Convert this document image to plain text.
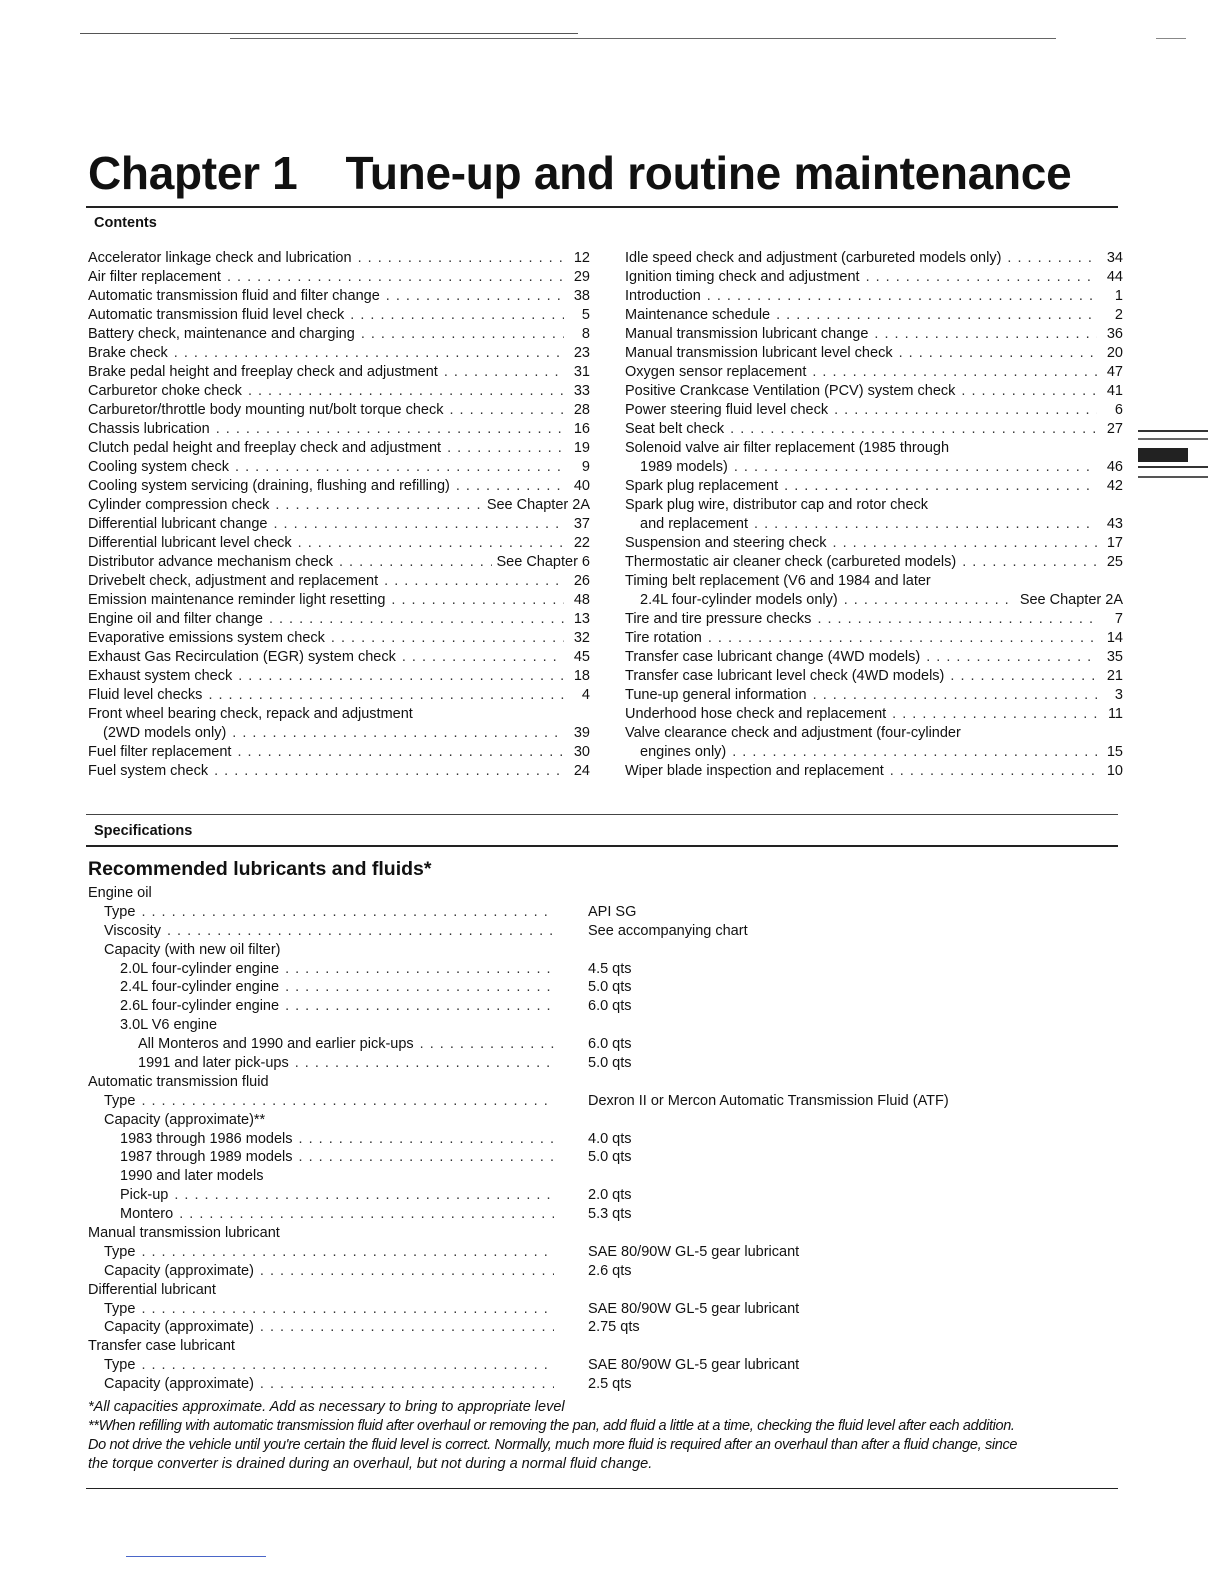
Chapter 1 Tune-up and routine maintenance

Contents

Accelerator linkage check and lubrication . . .	12
Air filter replacement . . .	29
Automatic transmission fluid and filter change . . .	38
Automatic transmission fluid level check . . .	5
Battery check, maintenance and charging . . .	8
Brake check . . .	23
Brake pedal height and freeplay check and adjustment . . .	31
Carburetor choke check . . .	33
Carburetor/throttle body mounting nut/bolt torque check . . .	28
Chassis lubrication . . .	16
Clutch pedal height and freeplay check and adjustment . . .	19
Cooling system check . . .	9
Cooling system servicing (draining, flushing and refilling) . . .	40
Cylinder compression check . . .	See Chapter 2A
Differential lubricant change . . .	37
Differential lubricant level check . . .	22
Distributor advance mechanism check . . .	See Chapter 6
Drivebelt check, adjustment and replacement . . .	26
Emission maintenance reminder light resetting . . .	48
Engine oil and filter change . . .	13
Evaporative emissions system check . . .	32
Exhaust Gas Recirculation (EGR) system check . . .	45
Exhaust system check . . .	18
Fluid level checks . . .	4
Front wheel bearing check, repack and adjustment
(2WD models only) . . .	39
Fuel filter replacement . . .	30
Fuel system check . . .	24
Idle speed check and adjustment (carbureted models only) . . .	34
Ignition timing check and adjustment . . .	44
Introduction . . .	1
Maintenance schedule . . .	2
Manual transmission lubricant change . . .	36
Manual transmission lubricant level check . . .	20
Oxygen sensor replacement . . .	47
Positive Crankcase Ventilation (PCV) system check . . .	41
Power steering fluid level check . . .	6
Seat belt check . . .	27
Solenoid valve air filter replacement (1985 through
1989 models) . . .	46
Spark plug replacement . . .	42
Spark plug wire, distributor cap and rotor check
and replacement . . .	43
Suspension and steering check . . .	17
Thermostatic air cleaner check (carbureted models) . . .	25
Timing belt replacement (V6 and 1984 and later
2.4L four-cylinder models only) . . .	See Chapter 2A
Tire and tire pressure checks . . .	7
Tire rotation . . .	14
Transfer case lubricant change (4WD models) . . .	35
Transfer case lubricant level check (4WD models) . . .	21
Tune-up general information . . .	3
Underhood hose check and replacement . . .	11
Valve clearance check and adjustment (four-cylinder
engines only) . . .	15
Wiper blade inspection and replacement . . .	10

Specifications

Recommended lubricants and fluids*
Engine oil
Type . . .	API SG
Viscosity . . .	See accompanying chart
Capacity (with new oil filter)
2.0L four-cylinder engine . . .	4.5 qts
2.4L four-cylinder engine . . .	5.0 qts
2.6L four-cylinder engine . . .	6.0 qts
3.0L V6 engine
All Monteros and 1990 and earlier pick-ups . . .	6.0 qts
1991 and later pick-ups . . .	5.0 qts
Automatic transmission fluid
Type . . .	Dexron II or Mercon Automatic Transmission Fluid (ATF)
Capacity (approximate)**
1983 through 1986 models . . .	4.0 qts
1987 through 1989 models . . .	5.0 qts
1990 and later models
Pick-up . . .	2.0 qts
Montero . . .	5.3 qts
Manual transmission lubricant
Type . . .	SAE 80/90W GL-5 gear lubricant
Capacity (approximate) . . .	2.6 qts
Differential lubricant
Type . . .	SAE 80/90W GL-5 gear lubricant
Capacity (approximate) . . .	2.75 qts
Transfer case lubricant
Type . . .	SAE 80/90W GL-5 gear lubricant
Capacity (approximate) . . .	2.5 qts

*All capacities approximate. Add as necessary to bring to appropriate level

**When refilling with automatic transmission fluid after overhaul or removing the pan, add fluid a little at a time, checking the fluid level after each addition.

Do not drive the vehicle until you're certain the fluid level is correct. Normally, much more fluid is required after an overhaul than after a fluid change, since

the torque converter is drained during an overhaul, but not during a normal fluid change.
